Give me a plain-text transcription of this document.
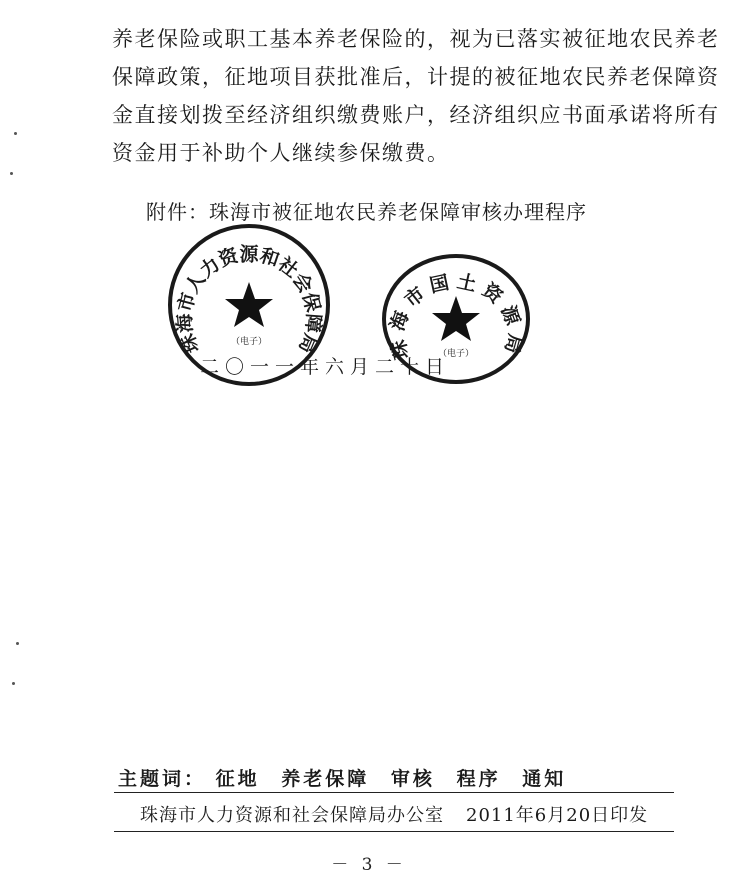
养老保险或职工基本养老保险的，视为已落实被征地农民养老
保障政策，征地项目获批准后，计提的被征地农民养老保障资
金直接划拨至经济组织缴费账户，经济组织应书面承诺将所有
资金用于补助个人继续参保缴费。
附件：珠海市被征地农民养老保障审核办理程序
二〇一一年六月二十日
珠海市人力资源和社会保障局
（电子）	珠海市国土资源局
（电子）
主题词： 征地 养老保障 审核 程序 通知
珠海市人力资源和社会保障局办公室 2011年6月20日印发
－ 3 －
